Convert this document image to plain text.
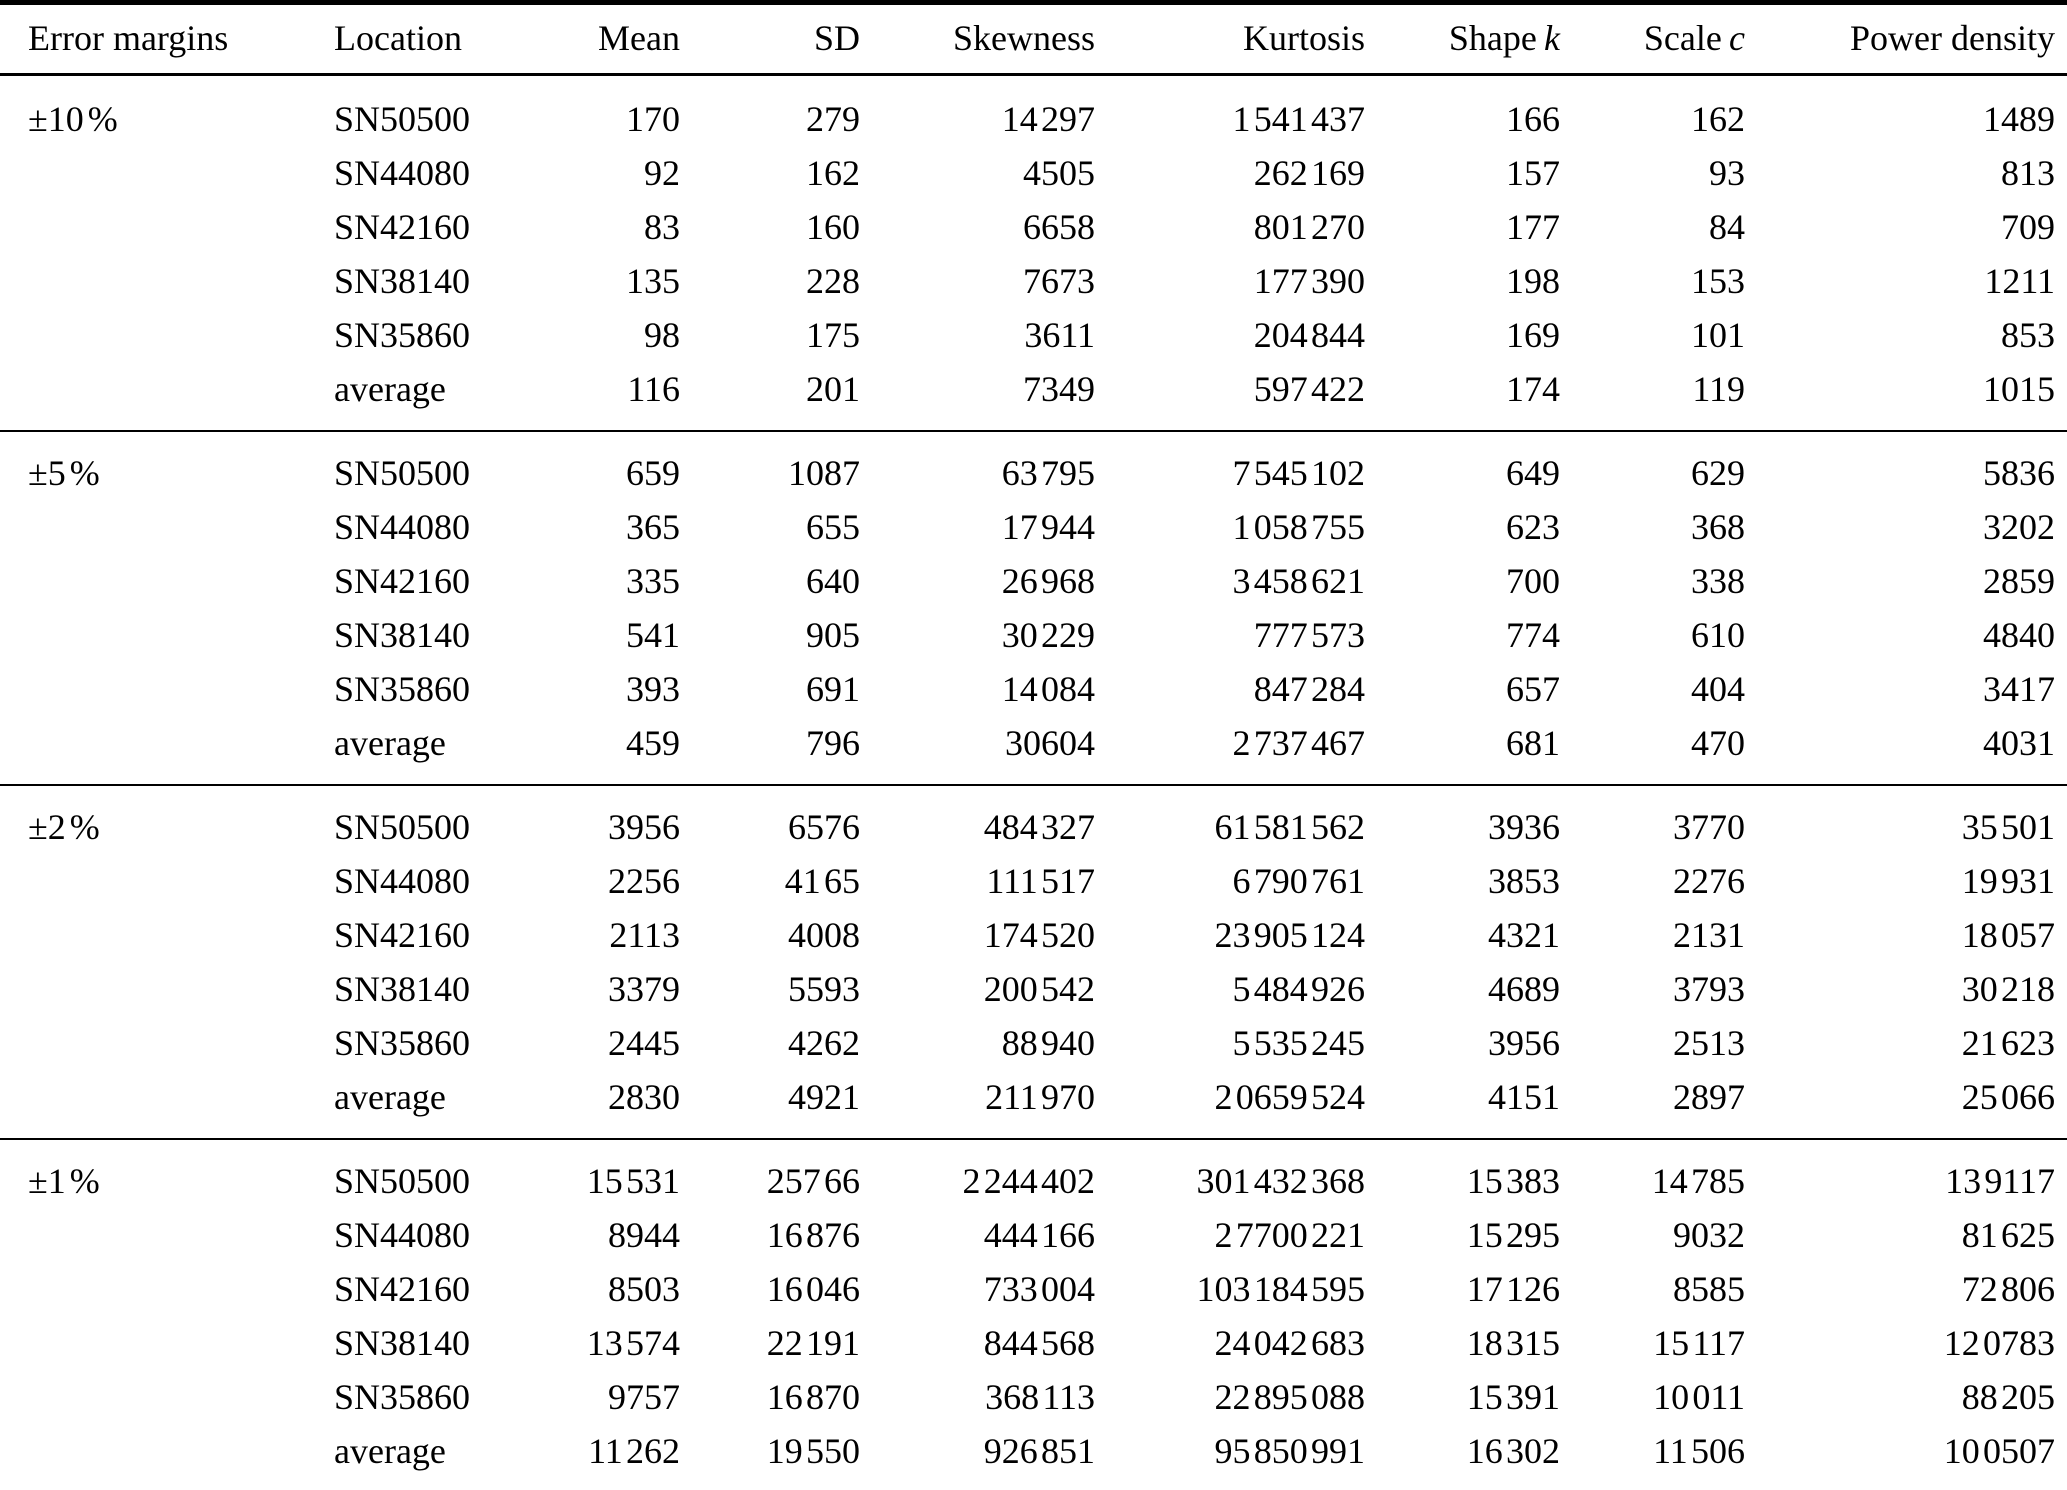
Error margins	Location	Mean	SD	Skewness	Kurtosis	Shape k	Scale c	Power density
±10 %	SN50500	170	279	14 297	1 541 437	166	162	1489
	SN44080	92	162	4505	262 169	157	93	813
	SN42160	83	160	6658	801 270	177	84	709
	SN38140	135	228	7673	177 390	198	153	1211
	SN35860	98	175	3611	204 844	169	101	853
	average	116	201	7349	597 422	174	119	1015
±5 %	SN50500	659	1087	63 795	7 545 102	649	629	5836
	SN44080	365	655	17 944	1 058 755	623	368	3202
	SN42160	335	640	26 968	3 458 621	700	338	2859
	SN38140	541	905	30 229	777 573	774	610	4840
	SN35860	393	691	14 084	847 284	657	404	3417
	average	459	796	30604	2 737 467	681	470	4031
±2 %	SN50500	3956	6576	484 327	61 581 562	3936	3770	35 501
	SN44080	2256	41 65	111 517	6 790 761	3853	2276	19 931
	SN42160	2113	4008	174 520	23 905 124	4321	2131	18 057
	SN38140	3379	5593	200 542	5 484 926	4689	3793	30 218
	SN35860	2445	4262	88 940	5 535 245	3956	2513	21 623
	average	2830	4921	211 970	2 0659 524	4151	2897	25 066
±1 %	SN50500	15 531	257 66	2 244 402	301 432 368	15 383	14 785	13 9117
	SN44080	8944	16 876	444 166	2 7700 221	15 295	9032	81 625
	SN42160	8503	16 046	733 004	103 184 595	17 126	8585	72 806
	SN38140	13 574	22 191	844 568	24 042 683	18 315	15 117	12 0783
	SN35860	9757	16 870	368 113	22 895 088	15 391	10 011	88 205
	average	11 262	19 550	926 851	95 850 991	16 302	11 506	10 0507
